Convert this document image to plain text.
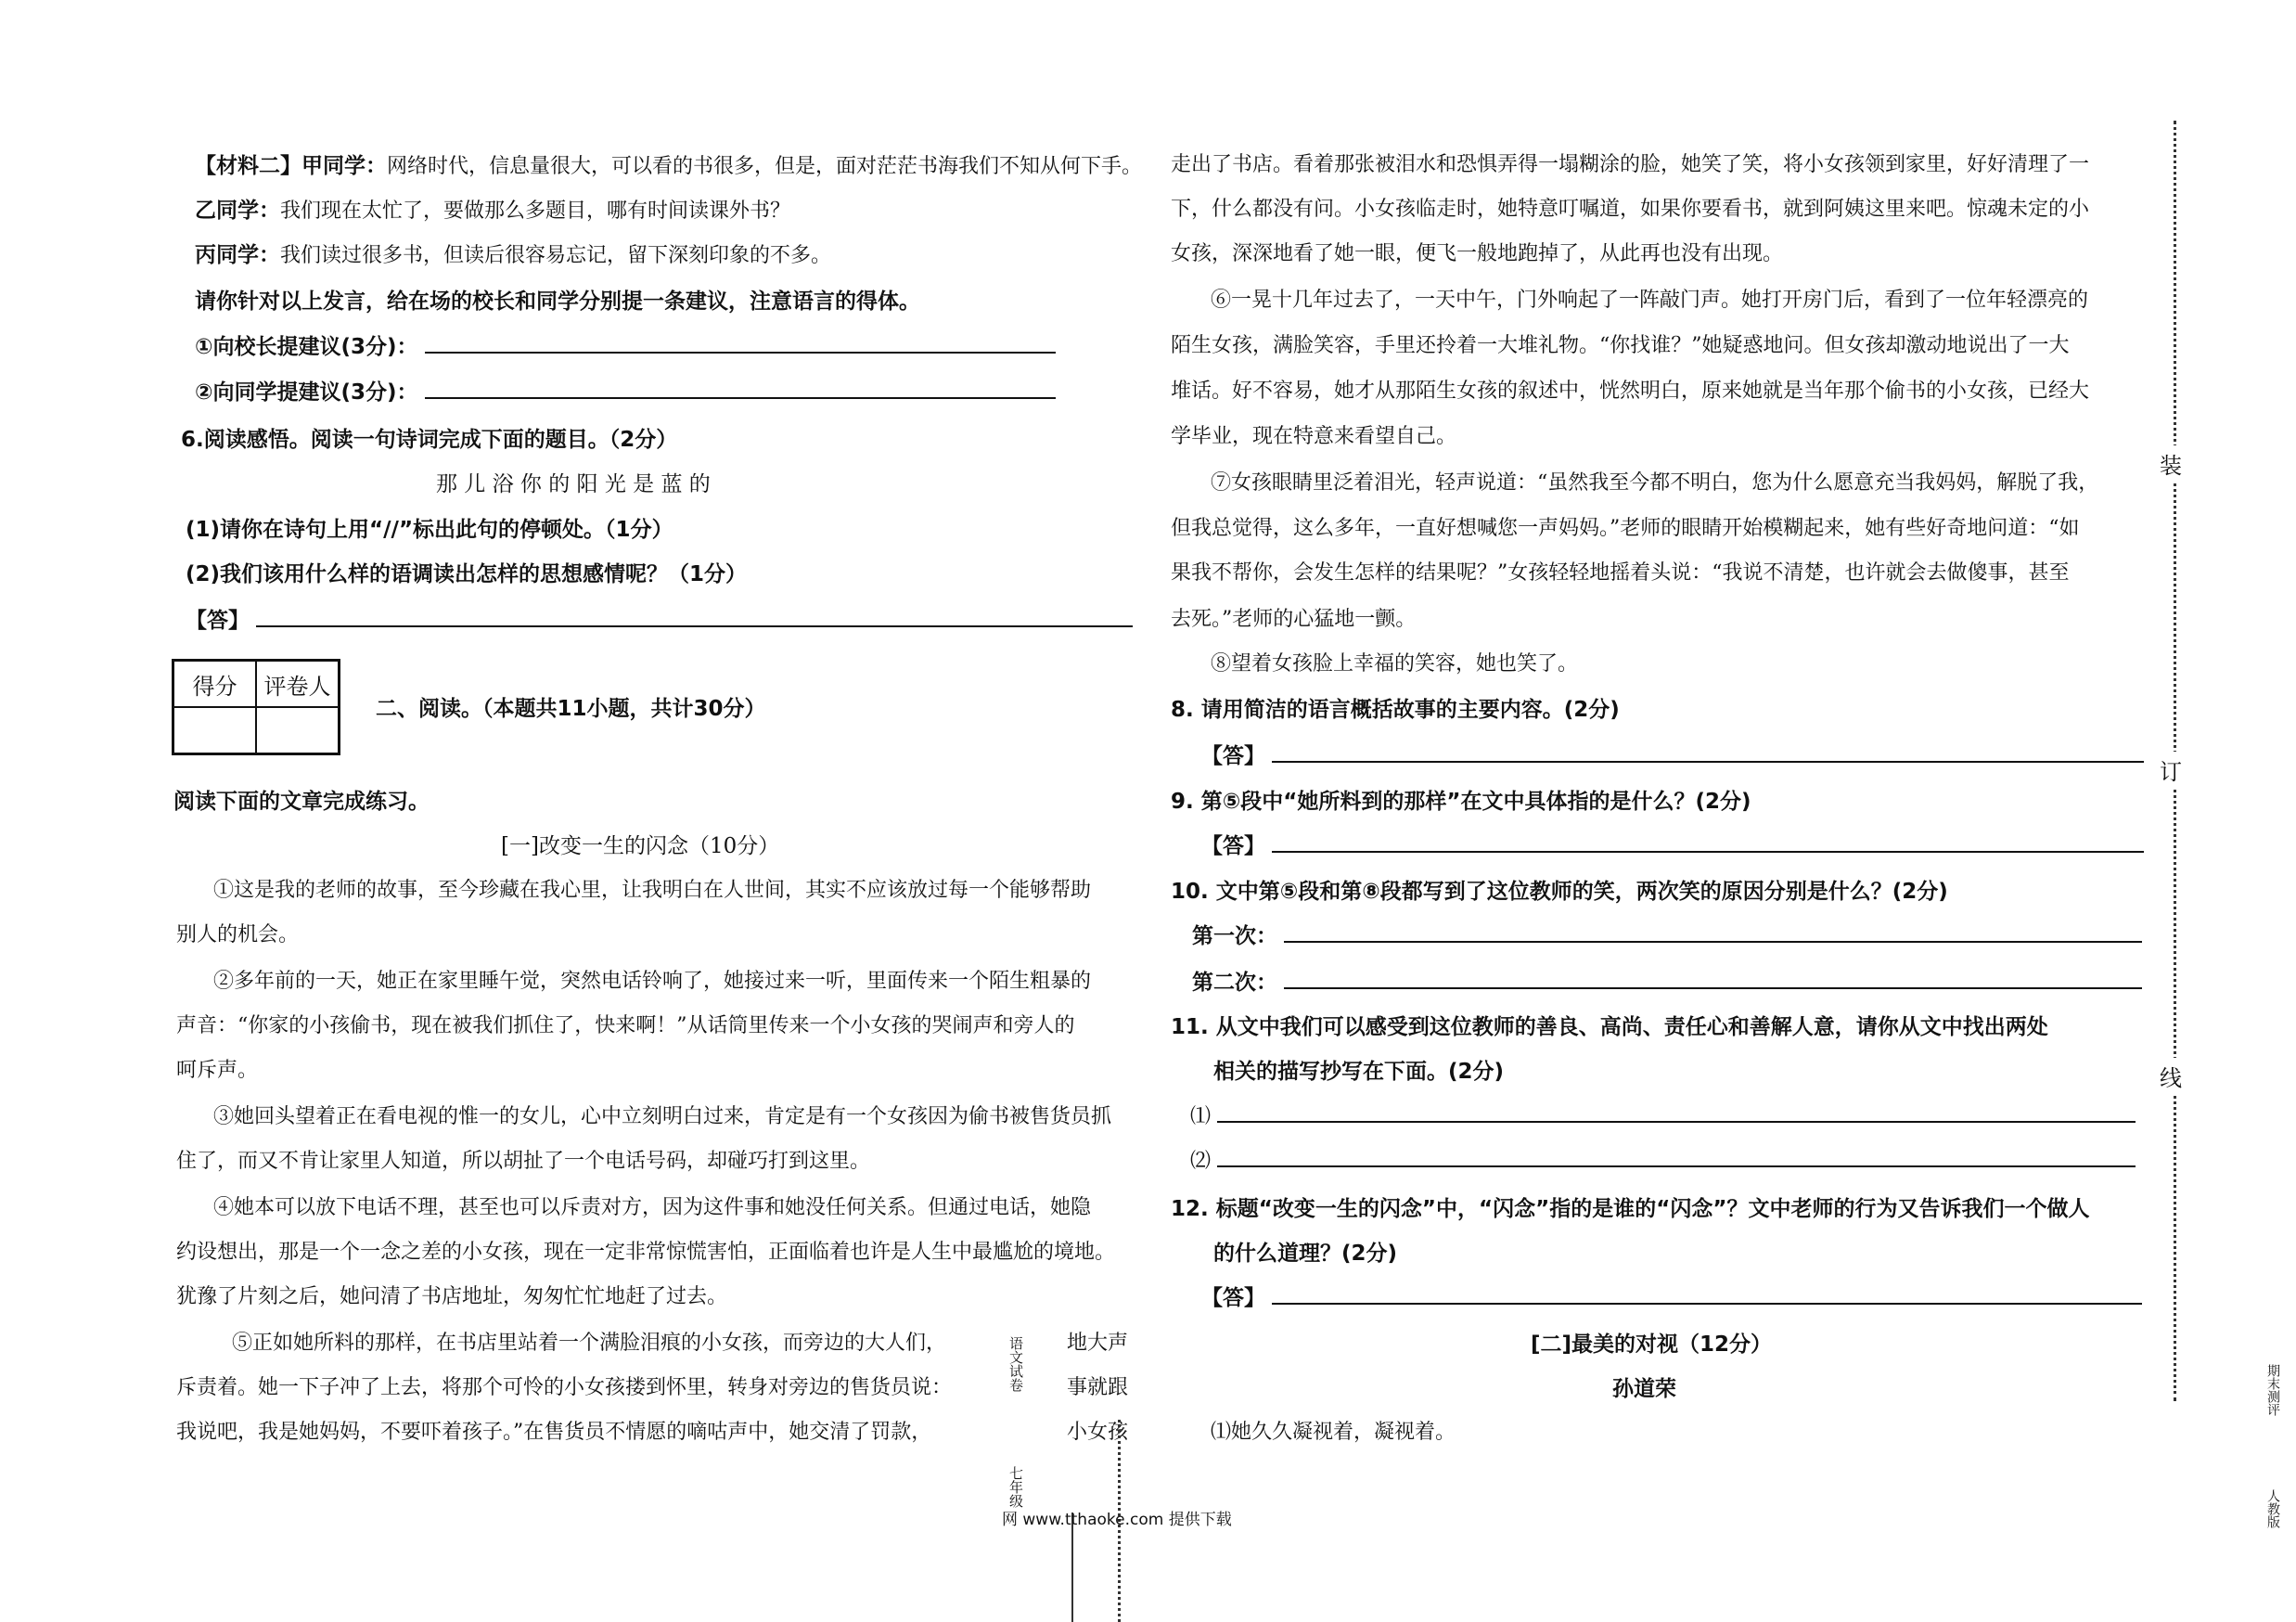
【材料二】甲同学：网络时代，信息量很大，可以看的书很多，但是，面对茫茫书海我们不知从何下手。
乙同学：我们现在太忙了，要做那么多题目，哪有时间读课外书？
丙同学：我们读过很多书，但读后很容易忘记，留下深刻印象的不多。
请你针对以上发言，给在场的校长和同学分别提一条建议，注意语言的得体。
①向校长提建议(3分)：
②向同学提建议(3分)：
6.阅读感悟。阅读一句诗词完成下面的题目。（2分）
那 儿 浴 你 的 阳 光 是 蓝 的
(1)请你在诗句上用“//”标出此句的停顿处。（1分）
(2)我们该用什么样的语调读出怎样的思想感情呢？（1分）
【答】
得分	评卷人

二、阅读。（本题共11小题，共计30分）
阅读下面的文章完成练习。
[一]改变一生的闪念（10分）
①这是我的老师的故事，至今珍藏在我心里，让我明白在人世间，其实不应该放过每一个能够帮助
别人的机会。
②多年前的一天，她正在家里睡午觉，突然电话铃响了，她接过来一听，里面传来一个陌生粗暴的
声音：“你家的小孩偷书，现在被我们抓住了，快来啊！”从话筒里传来一个小女孩的哭闹声和旁人的
呵斥声。
③她回头望着正在看电视的惟一的女儿，心中立刻明白过来，肯定是有一个女孩因为偷书被售货员抓
住了，而又不肯让家里人知道，所以胡扯了一个电话号码，却碰巧打到这里。
④她本可以放下电话不理，甚至也可以斥责对方，因为这件事和她没任何关系。但通过电话，她隐
约设想出，那是一个一念之差的小女孩，现在一定非常惊慌害怕，正面临着也许是人生中最尴尬的境地。
犹豫了片刻之后，她问清了书店地址，匆匆忙忙地赶了过去。
⑤正如她所料的那样，在书店里站着一个满脸泪痕的小女孩，而旁边的大人们，	地大声
斥责着。她一下子冲了上去，将那个可怜的小女孩搂到怀里，转身对旁边的售货员说：	事就跟
我说吧，我是她妈妈，不要吓着孩子。”在售货员不情愿的嘀咕声中，她交清了罚款，	小女孩
语文试卷
七年级
网 www.tthaoke.com 提供下载
走出了书店。看着那张被泪水和恐惧弄得一塌糊涂的脸，她笑了笑，将小女孩领到家里，好好清理了一
下，什么都没有问。小女孩临走时，她特意叮嘱道，如果你要看书，就到阿姨这里来吧。惊魂未定的小
女孩，深深地看了她一眼，便飞一般地跑掉了，从此再也没有出现。
⑥一晃十几年过去了，一天中午，门外响起了一阵敲门声。她打开房门后，看到了一位年轻漂亮的
陌生女孩，满脸笑容，手里还拎着一大堆礼物。“你找谁？”她疑惑地问。但女孩却激动地说出了一大
堆话。好不容易，她才从那陌生女孩的叙述中，恍然明白，原来她就是当年那个偷书的小女孩，已经大
学毕业，现在特意来看望自己。
⑦女孩眼睛里泛着泪光，轻声说道：“虽然我至今都不明白，您为什么愿意充当我妈妈，解脱了我，
但我总觉得，这么多年，一直好想喊您一声妈妈。”老师的眼睛开始模糊起来，她有些好奇地问道：“如
果我不帮你，会发生怎样的结果呢？”女孩轻轻地摇着头说：“我说不清楚，也许就会去做傻事，甚至
去死。”老师的心猛地一颤。
⑧望着女孩脸上幸福的笑容，她也笑了。
8. 请用简洁的语言概括故事的主要内容。(2分)
【答】
9. 第⑤段中“她所料到的那样”在文中具体指的是什么？(2分)
【答】
10. 文中第⑤段和第⑧段都写到了这位教师的笑，两次笑的原因分别是什么？(2分)
第一次：
第二次：
11. 从文中我们可以感受到这位教师的善良、高尚、责任心和善解人意，请你从文中找出两处
相关的描写抄写在下面。(2分)
⑴
⑵
12. 标题“改变一生的闪念”中，“闪念”指的是谁的“闪念”？文中老师的行为又告诉我们一个做人
的什么道理？(2分)
【答】
[二]最美的对视（12分）
孙道荣
⑴她久久凝视着，凝视着。
装
订
线
期末测评
人教版
